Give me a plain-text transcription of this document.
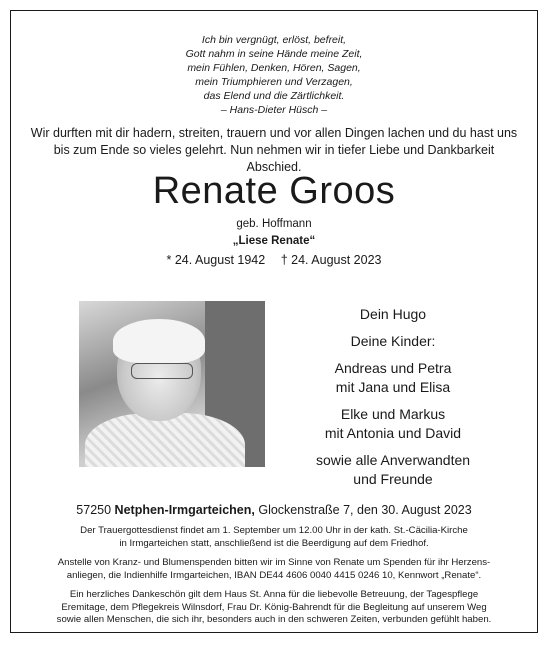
Ich bin vergnügt, erlöst, befreit,
Gott nahm in seine Hände meine Zeit,
mein Fühlen, Denken, Hören, Sagen,
mein Triumphieren und Verzagen,
das Elend und die Zärtlichkeit.
– Hans-Dieter Hüsch –
Wir durften mit dir hadern, streiten, trauern und vor allen Dingen lachen und du hast uns
bis zum Ende so vieles gelehrt. Nun nehmen wir in tiefer Liebe und Dankbarkeit Abschied.
Renate Groos
geb. Hoffmann
„Liese Renate“
* 24. August 1942 † 24. August 2023
Dein Hugo
Deine Kinder:
Andreas und Petra
mit Jana und Elisa
Elke und Markus
mit Antonia und David
sowie alle Anverwandten
und Freunde
57250 Netphen-Irmgarteichen, Glockenstraße 7, den 30. August 2023
Der Trauergottesdienst findet am 1. September um 12.00 Uhr in der kath. St.-Cäcilia-Kirche
in Irmgarteichen statt, anschließend ist die Beerdigung auf dem Friedhof.
Anstelle von Kranz- und Blumenspenden bitten wir im Sinne von Renate um Spenden für ihr Herzens-
anliegen, die Indienhilfe Irmgarteichen, IBAN DE44 4606 0040 4415 0246 10, Kennwort „Renate“.
Ein herzliches Dankeschön gilt dem Haus St. Anna für die liebevolle Betreuung, der Tagespflege
Eremitage, dem Pflegekreis Wilnsdorf, Frau Dr. König-Bahrendt für die Begleitung auf unserem Weg
sowie allen Menschen, die sich ihr, besonders auch in den schweren Zeiten, verbunden gefühlt haben.
